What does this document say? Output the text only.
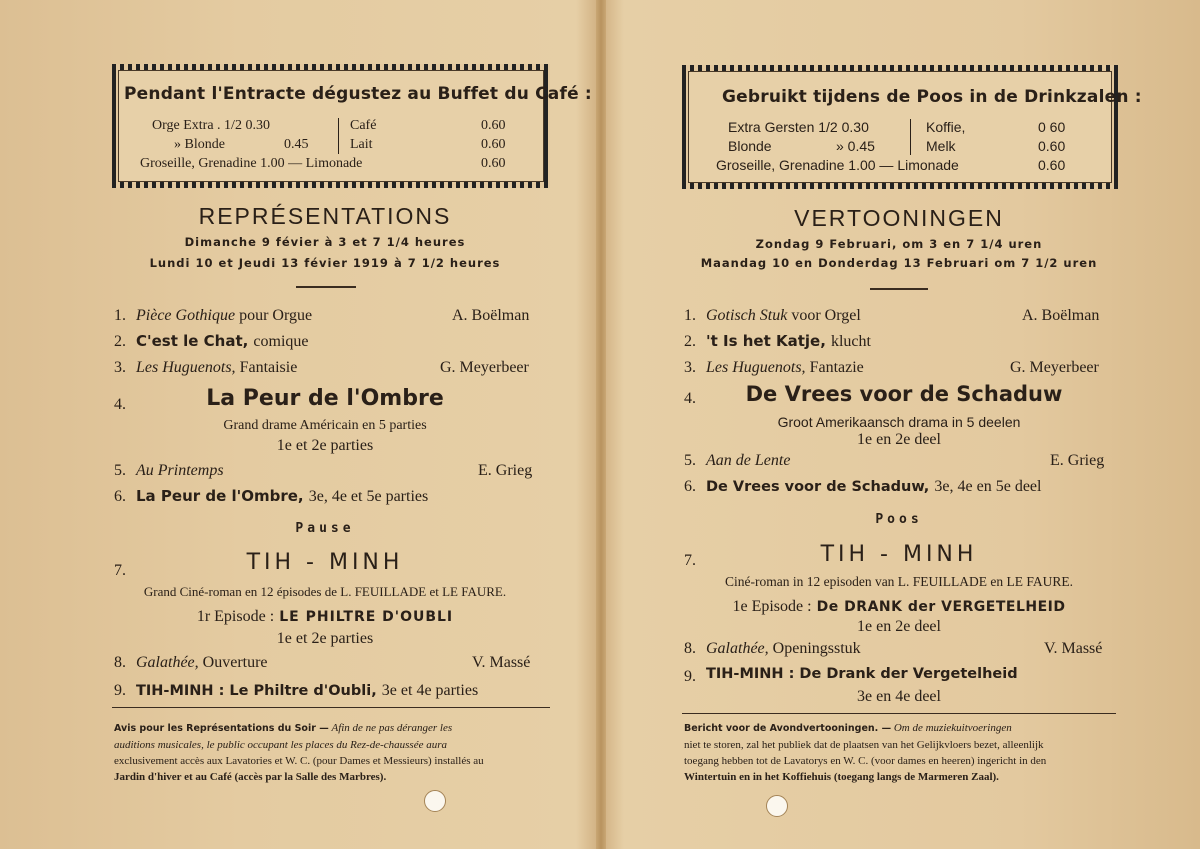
Pendant l'Entracte dégustez au Buffet du Café :
Orge Extra . 1/2 0.30	Café	0.60
» Blonde	0.45	Lait	0.60
Groseille, Grenadine 1.00 — Limonade	0.60
REPRÉSENTATIONS
Dimanche 9 févier à 3 et 7 1/4 heures
Lundi 10 et Jeudi 13 févier 1919 à 7 1/2 heures
1. Pièce Gothique pour Orgue	A. Boëlman
2. C'est le Chat, comique
3. Les Huguenots, Fantaisie	G. Meyerbeer
4.	La Peur de l'Ombre
Grand drame Américain en 5 parties
1e et 2e parties
5. Au Printemps	E. Grieg
6. La Peur de l'Ombre, 3e, 4e et 5e parties
Pause
7.	TIH - MINH
Grand Ciné-roman en 12 épisodes de L. FEUILLADE et LE FAURE.
1r Episode : LE PHILTRE D'OUBLI
1e et 2e parties
8. Galathée, Ouverture	V. Massé
9. TIH-MINH : Le Philtre d'Oubli, 3e et 4e parties
Avis pour les Représentations du Soir — Afin de ne pas déranger les
auditions musicales, le public occupant les places du Rez-de-chaussée aura
exclusivement accès aux Lavatories et W. C. (pour Dames et Messieurs) installés au
Jardin d'hiver et au Café (accès par la Salle des Marbres).
Gebruikt tijdens de Poos in de Drinkzalen :
Extra Gersten 1/2 0.30	Koffie,	0 60
Blonde	» 0.45	Melk	0.60
Groseille, Grenadine 1.00 — Limonade	0.60
VERTOONINGEN
Zondag 9 Februari, om 3 en 7 1/4 uren
Maandag 10 en Donderdag 13 Februari om 7 1/2 uren
1. Gotisch Stuk voor Orgel	A. Boëlman
2. 't Is het Katje, klucht
3. Les Huguenots, Fantazie	G. Meyerbeer
4.	De Vrees voor de Schaduw
Groot Amerikaansch drama in 5 deelen
1e en 2e deel
5. Aan de Lente	E. Grieg
6. De Vrees voor de Schaduw, 3e, 4e en 5e deel
Poos
7.	TIH - MINH
Ciné-roman in 12 episoden van L. FEUILLADE en LE FAURE.
1e Episode : De DRANK der VERGETELHEID
1e en 2e deel
8. Galathée, Openingsstuk	V. Massé
9. TIH-MINH : De Drank der Vergetelheid
3e en 4e deel
Bericht voor de Avondvertooningen. — Om de muziekuitvoeringen
niet te storen, zal het publiek dat de plaatsen van het Gelijkvloers bezet, alleenlijk
toegang hebben tot de Lavatorys en W. C. (voor dames en heeren) ingericht in den
Wintertuin en in het Koffiehuis (toegang langs de Marmeren Zaal).
